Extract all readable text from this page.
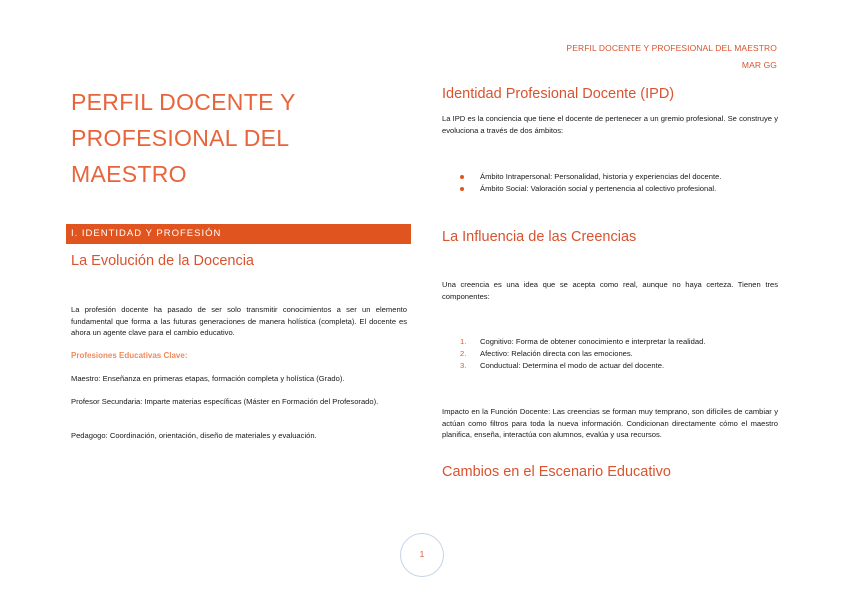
PERFIL DOCENTE Y PROFESIONAL DEL MAESTRO
MAR GG
PERFIL DOCENTE Y PROFESIONAL DEL MAESTRO
I. IDENTIDAD Y PROFESIÓN
La Evolución de la Docencia

La profesión docente ha pasado de ser solo transmitir conocimientos a ser un elemento fundamental que forma a las futuras generaciones de manera holística (completa). El docente es ahora un agente clave para el cambio educativo.

Profesiones Educativas Clave:

Maestro: Enseñanza en primeras etapas, formación completa y holística (Grado).

Profesor Secundaria: Imparte materias específicas (Máster en Formación del Profesorado).

Pedagogo: Coordinación, orientación, diseño de materiales y evaluación.

Identidad Profesional Docente (IPD)

La IPD es la conciencia que tiene el docente de pertenecer a un gremio profesional. Se construye y evoluciona a través de dos ámbitos:

Ámbito Intrapersonal: Personalidad, historia y experiencias del docente.
Ámbito Social: Valoración social y pertenencia al colectivo profesional.
La Influencia de las Creencias

Una creencia es una idea que se acepta como real, aunque no haya certeza. Tienen tres componentes:

1. Cognitivo: Forma de obtener conocimiento e interpretar la realidad.
2. Afectivo: Relación directa con las emociones.
3. Conductual: Determina el modo de actuar del docente.

Impacto en la Función Docente: Las creencias se forman muy temprano, son difíciles de cambiar y actúan como filtros para toda la nueva información. Condicionan directamente cómo el maestro planifica, enseña, interactúa con alumnos, evalúa y usa recursos.

Cambios en el Escenario Educativo
1
